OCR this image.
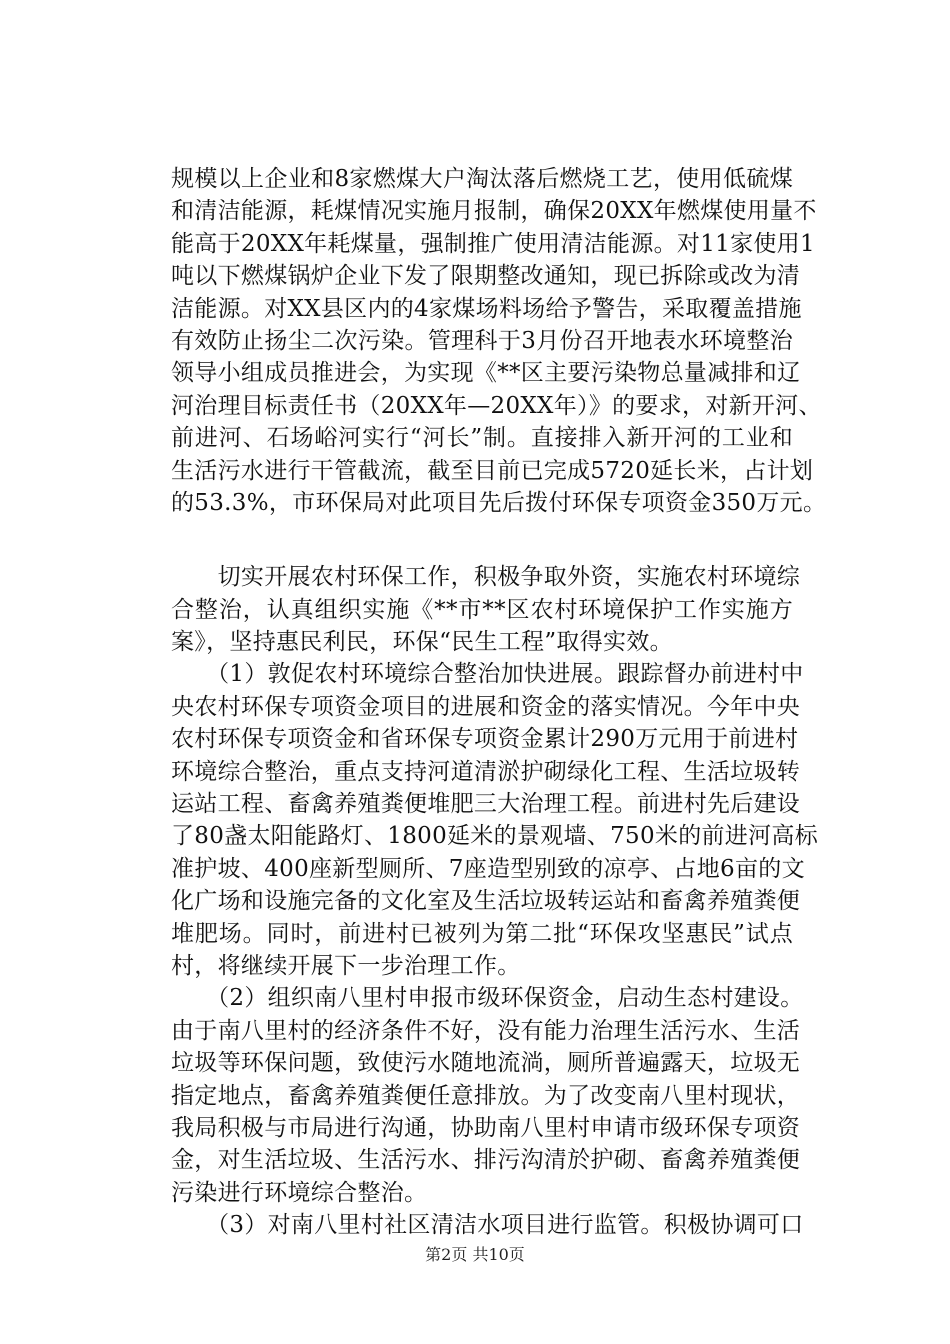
规模以上企业和8家燃煤大户淘汰落后燃烧工艺，使用低硫煤
和清洁能源，耗煤情况实施月报制，确保20XX年燃煤使用量不
能高于20XX年耗煤量，强制推广使用清洁能源。对11家使用1
吨以下燃煤锅炉企业下发了限期整改通知，现已拆除或改为清
洁能源。对XX县区内的4家煤场料场给予警告，采取覆盖措施
有效防止扬尘二次污染。管理科于3月份召开地表水环境整治
领导小组成员推进会，为实现《**区主要污染物总量减排和辽
河治理目标责任书（20XX年—20XX年）》的要求，对新开河、
前进河、石场峪河实行“河长”制。直接排入新开河的工业和
生活污水进行干管截流，截至目前已完成5720延长米，占计划
的53.3%，市环保局对此项目先后拨付环保专项资金350万元。
　　切实开展农村环保工作，积极争取外资，实施农村环境综
合整治，认真组织实施《**市**区农村环境保护工作实施方
案》，坚持惠民利民，环保“民生工程”取得实效。
　　（1）敦促农村环境综合整治加快进展。跟踪督办前进村中
央农村环保专项资金项目的进展和资金的落实情况。今年中央
农村环保专项资金和省环保专项资金累计290万元用于前进村
环境综合整治，重点支持河道清淤护砌绿化工程、生活垃圾转
运站工程、畜禽养殖粪便堆肥三大治理工程。前进村先后建设
了80盏太阳能路灯、1800延米的景观墙、750米的前进河高标
准护坡、400座新型厕所、7座造型别致的凉亭、占地6亩的文
化广场和设施完备的文化室及生活垃圾转运站和畜禽养殖粪便
堆肥场。同时，前进村已被列为第二批“环保攻坚惠民”试点
村，将继续开展下一步治理工作。
　　（2）组织南八里村申报市级环保资金，启动生态村建设。
由于南八里村的经济条件不好，没有能力治理生活污水、生活
垃圾等环保问题，致使污水随地流淌，厕所普遍露天，垃圾无
指定地点，畜禽养殖粪便任意排放。为了改变南八里村现状，
我局积极与市局进行沟通，协助南八里村申请市级环保专项资
金，对生活垃圾、生活污水、排污沟清於护砌、畜禽养殖粪便
污染进行环境综合整治。
　　（3）对南八里村社区清洁水项目进行监管。积极协调可口
第2页 共10页
